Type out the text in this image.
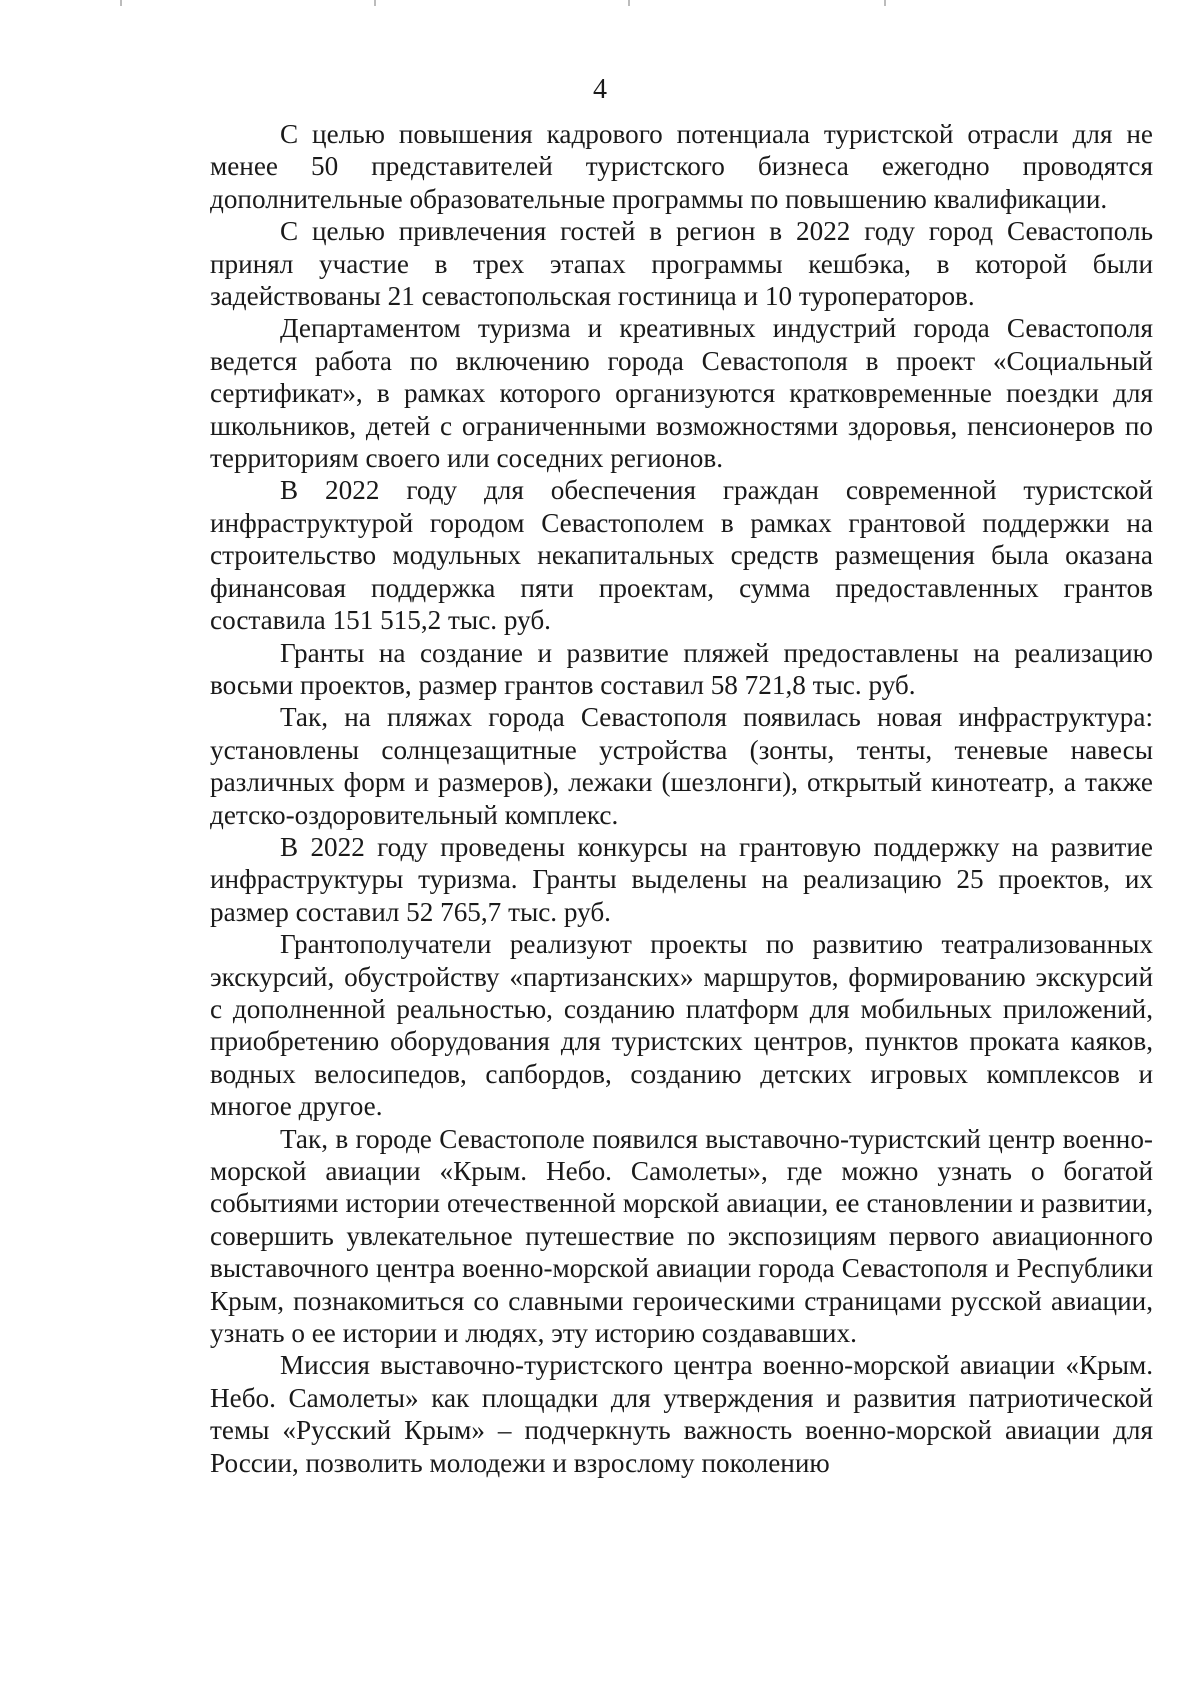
4

С целью повышения кадрового потенциала туристской отрасли для не менее 50 представителей туристского бизнеса ежегодно проводятся дополнительные образовательные программы по повышению квалификации.

С целью привлечения гостей в регион в 2022 году город Севастополь принял участие в трех этапах программы кешбэка, в которой были задействованы 21 севастопольская гостиница и 10 туроператоров.

Департаментом туризма и креативных индустрий города Севастополя ведется работа по включению города Севастополя в проект «Социальный сертификат», в рамках которого организуются кратковременные поездки для школьников, детей с ограниченными возможностями здоровья, пенсионеров по территориям своего или соседних регионов.

В 2022 году для обеспечения граждан современной туристской инфраструктурой городом Севастополем в рамках грантовой поддержки на строительство модульных некапитальных средств размещения была оказана финансовая поддержка пяти проектам, сумма предоставленных грантов составила 151 515,2 тыс. руб.

Гранты на создание и развитие пляжей предоставлены на реализацию восьми проектов, размер грантов составил 58 721,8 тыс. руб.

Так, на пляжах города Севастополя появилась новая инфраструктура: установлены солнцезащитные устройства (зонты, тенты, теневые навесы различных форм и размеров), лежаки (шезлонги), открытый кинотеатр, а также детско-оздоровительный комплекс.

В 2022 году проведены конкурсы на грантовую поддержку на развитие инфраструктуры туризма. Гранты выделены на реализацию 25 проектов, их размер составил 52 765,7 тыс. руб.

Грантополучатели реализуют проекты по развитию театрализованных экскурсий, обустройству «партизанских» маршрутов, формированию экскурсий с дополненной реальностью, созданию платформ для мобильных приложений, приобретению оборудования для туристских центров, пунктов проката каяков, водных велосипедов, сапбордов, созданию детских игровых комплексов и многое другое.

Так, в городе Севастополе появился выставочно-туристский центр военно-морской авиации «Крым. Небо. Самолеты», где можно узнать о богатой событиями истории отечественной морской авиации, ее становлении и развитии, совершить увлекательное путешествие по экспозициям первого авиационного выставочного центра военно-морской авиации города Севастополя и Республики Крым, познакомиться со славными героическими страницами русской авиации, узнать о ее истории и людях, эту историю создававших.

Миссия выставочно-туристского центра военно-морской авиации «Крым. Небо. Самолеты» как площадки для утверждения и развития патриотической темы «Русский Крым» – подчеркнуть важность военно-морской авиации для России, позволить молодежи и взрослому поколению
